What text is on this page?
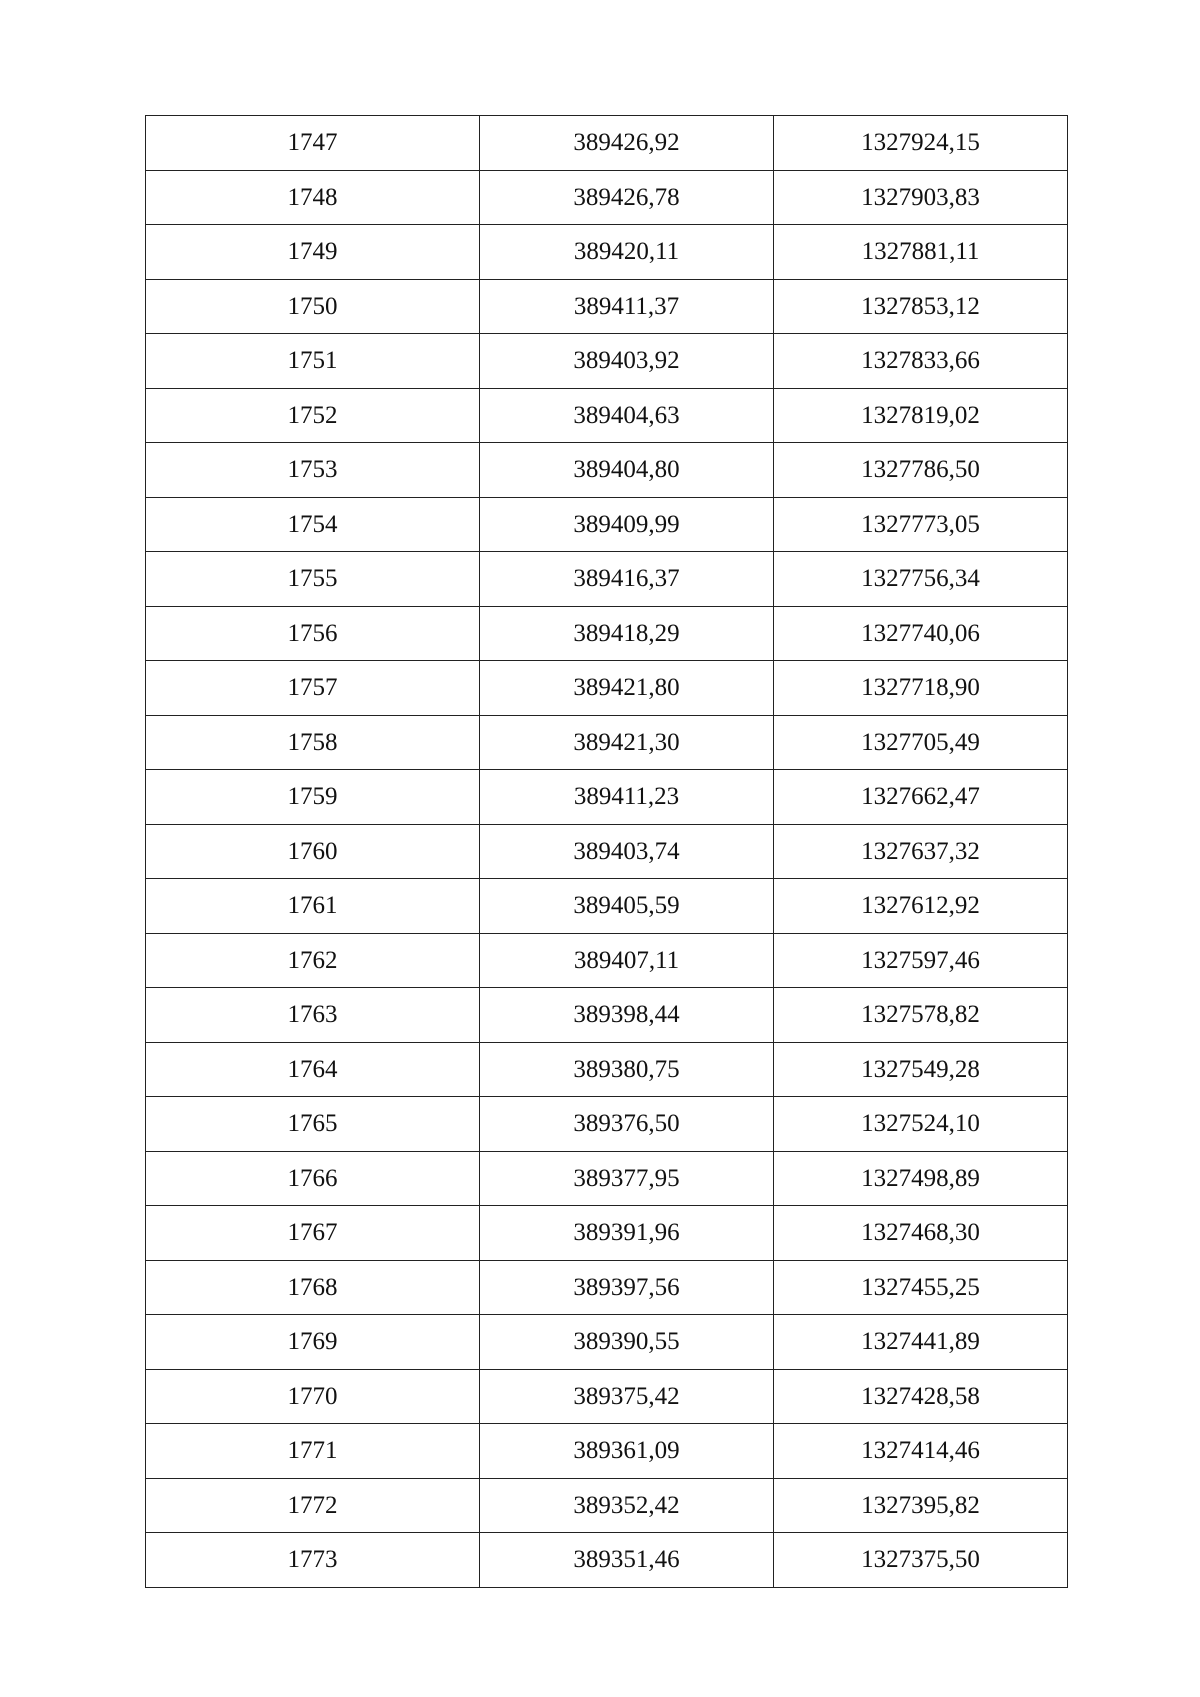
1747	389426,92	1327924,15
1748	389426,78	1327903,83
1749	389420,11	1327881,11
1750	389411,37	1327853,12
1751	389403,92	1327833,66
1752	389404,63	1327819,02
1753	389404,80	1327786,50
1754	389409,99	1327773,05
1755	389416,37	1327756,34
1756	389418,29	1327740,06
1757	389421,80	1327718,90
1758	389421,30	1327705,49
1759	389411,23	1327662,47
1760	389403,74	1327637,32
1761	389405,59	1327612,92
1762	389407,11	1327597,46
1763	389398,44	1327578,82
1764	389380,75	1327549,28
1765	389376,50	1327524,10
1766	389377,95	1327498,89
1767	389391,96	1327468,30
1768	389397,56	1327455,25
1769	389390,55	1327441,89
1770	389375,42	1327428,58
1771	389361,09	1327414,46
1772	389352,42	1327395,82
1773	389351,46	1327375,50
